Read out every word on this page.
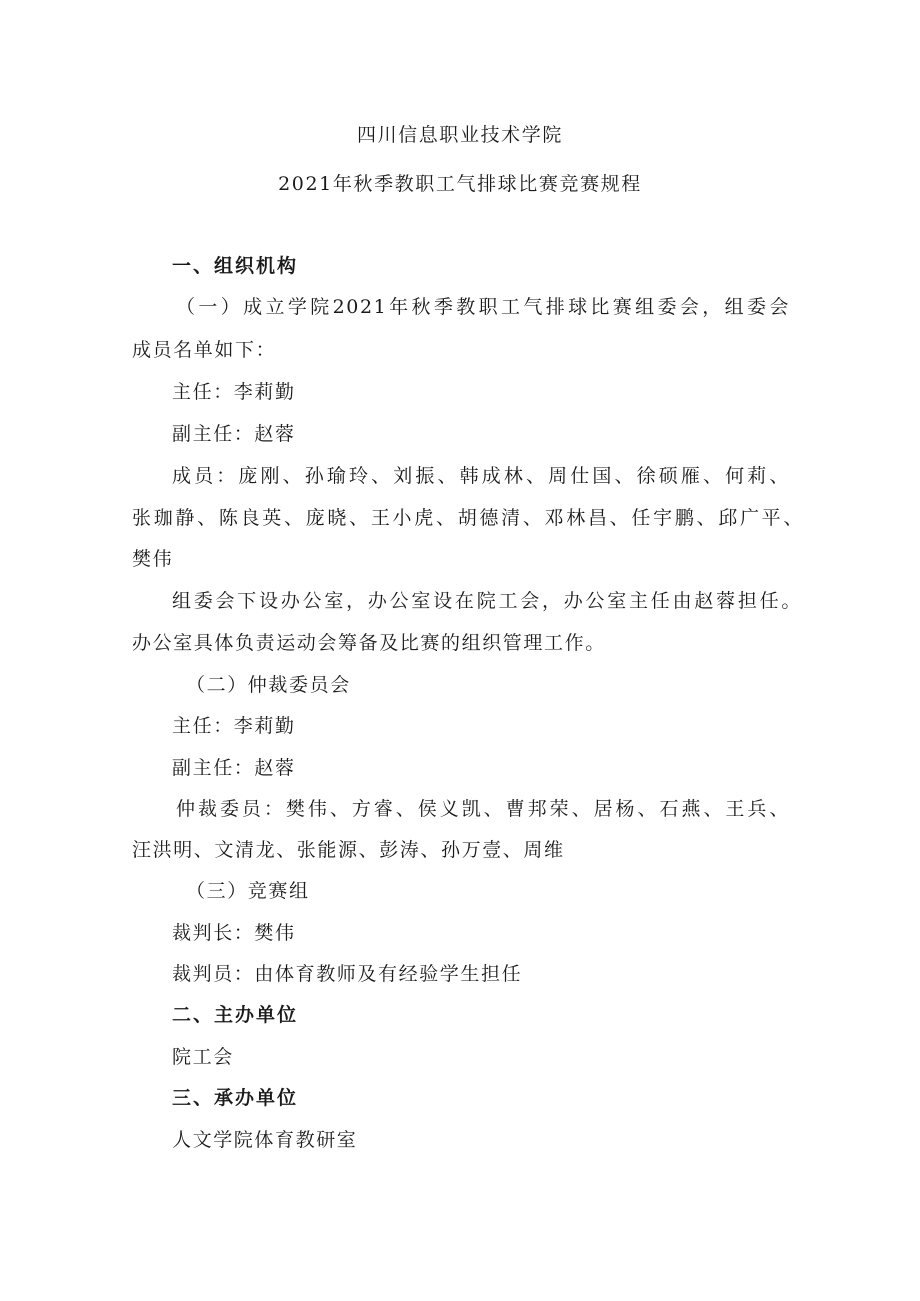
四川信息职业技术学院
2021年秋季教职工气排球比赛竞赛规程
一、组织机构
（一）成立学院2021年秋季教职工气排球比赛组委会，组委会
成员名单如下：
主任：李莉勤
副主任：赵蓉
成员：庞刚、孙瑜玲、刘振、韩成林、周仕国、徐硕雁、何莉、
张珈静、陈良英、庞晓、王小虎、胡德清、邓林昌、任宇鹏、邱广平、
樊伟
组委会下设办公室，办公室设在院工会，办公室主任由赵蓉担任。
办公室具体负责运动会筹备及比赛的组织管理工作。
（二）仲裁委员会
主任：李莉勤
副主任：赵蓉
仲裁委员：樊伟、方睿、侯义凯、曹邦荣、居杨、石燕、王兵、
汪洪明、文清龙、张能源、彭涛、孙万壹、周维
（三）竞赛组
裁判长：樊伟
裁判员：由体育教师及有经验学生担任
二、主办单位
院工会
三、承办单位
人文学院体育教研室
